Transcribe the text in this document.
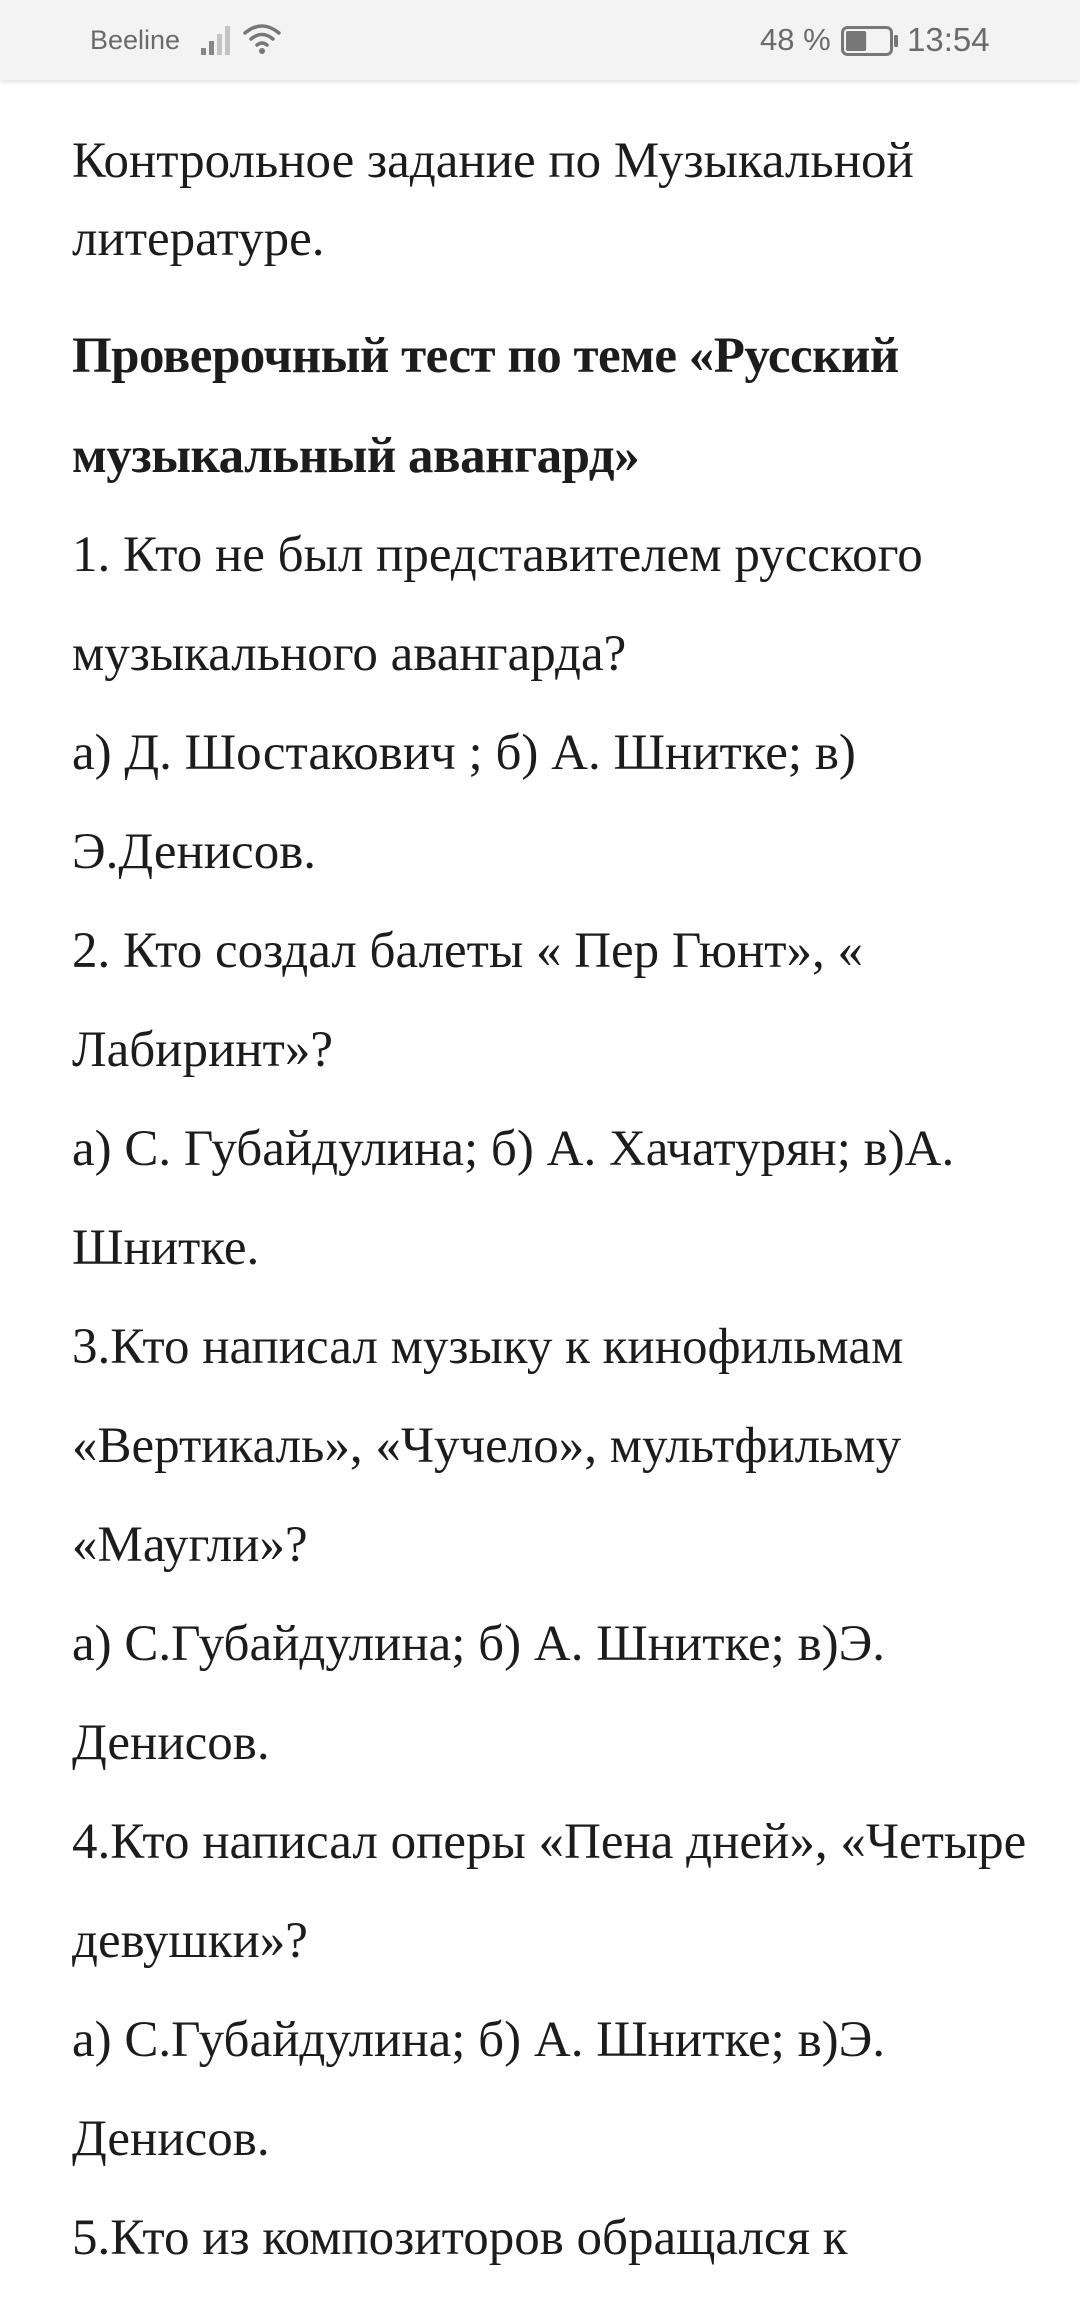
Beeline	48 % 13:54

Контрольное задание по Музыкальной литературе.

Проверочный тест по теме «Русский музыкальный авангард»

1. Кто не был представителем русского музыкального авангарда?

а) Д. Шостакович ; б) А. Шнитке; в) Э.Денисов.

2. Кто создал балеты « Пер Гюнт», « Лабиринт»?

а) С. Губайдулина; б) А. Хачатурян; в)А. Шнитке.

3.Кто написал музыку к кинофильмам «Вертикаль», «Чучело», мультфильму «Маугли»?

а) С.Губайдулина; б) А. Шнитке; в)Э. Денисов.

4.Кто написал оперы «Пена дней», «Четыре девушки»?

а) С.Губайдулина; б) А. Шнитке; в)Э. Денисов.

5.Кто из композиторов обращался к
